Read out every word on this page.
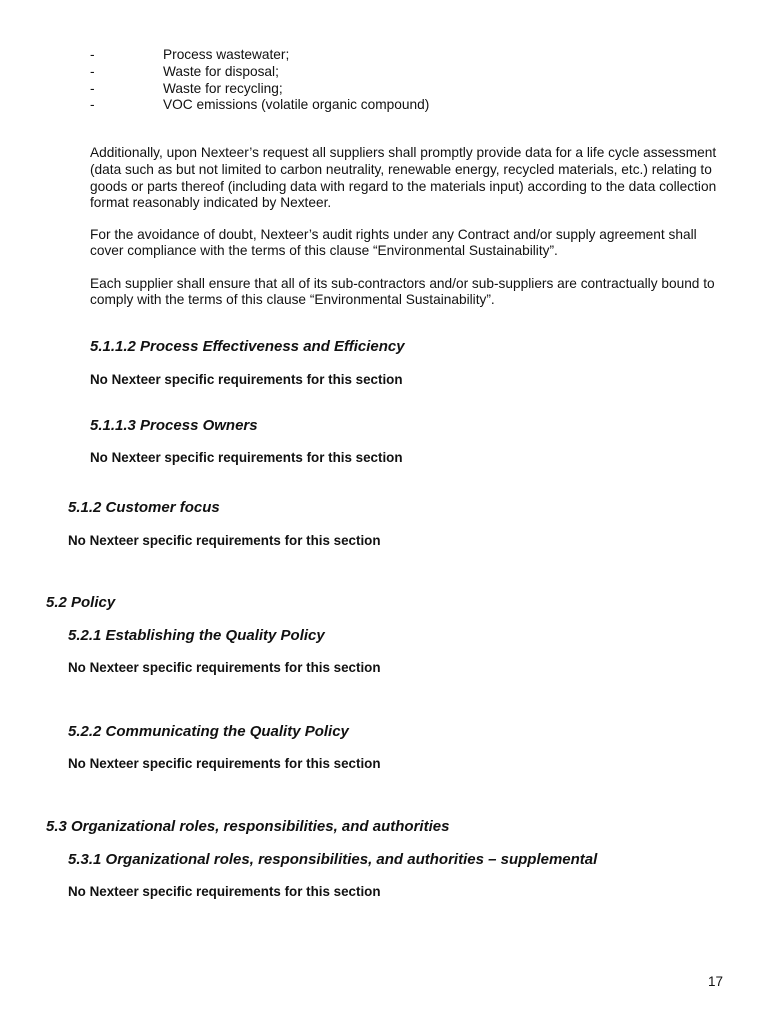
-	Process wastewater;
-	Waste for disposal;
-	Waste for recycling;
-	VOC emissions (volatile organic compound)
Additionally, upon Nexteer’s request all suppliers shall promptly provide data for a life cycle assessment
(data such as but not limited to carbon neutrality, renewable energy, recycled materials, etc.) relating to
goods or parts thereof (including data with regard to the materials input) according to the data collection
format reasonably indicated by Nexteer.
For the avoidance of doubt, Nexteer’s audit rights under any Contract and/or supply agreement shall
cover compliance with the terms of this clause “Environmental Sustainability”.
Each supplier shall ensure that all of its sub-contractors and/or sub-suppliers are contractually bound to
comply with the terms of this clause “Environmental Sustainability”.
5.1.1.2 Process Effectiveness and Efficiency
No Nexteer specific requirements for this section
5.1.1.3 Process Owners
No Nexteer specific requirements for this section
5.1.2 Customer focus
No Nexteer specific requirements for this section
5.2 Policy
5.2.1 Establishing the Quality Policy
No Nexteer specific requirements for this section
5.2.2 Communicating the Quality Policy
No Nexteer specific requirements for this section
5.3 Organizational roles, responsibilities, and authorities
5.3.1 Organizational roles, responsibilities, and authorities – supplemental
No Nexteer specific requirements for this section
17
